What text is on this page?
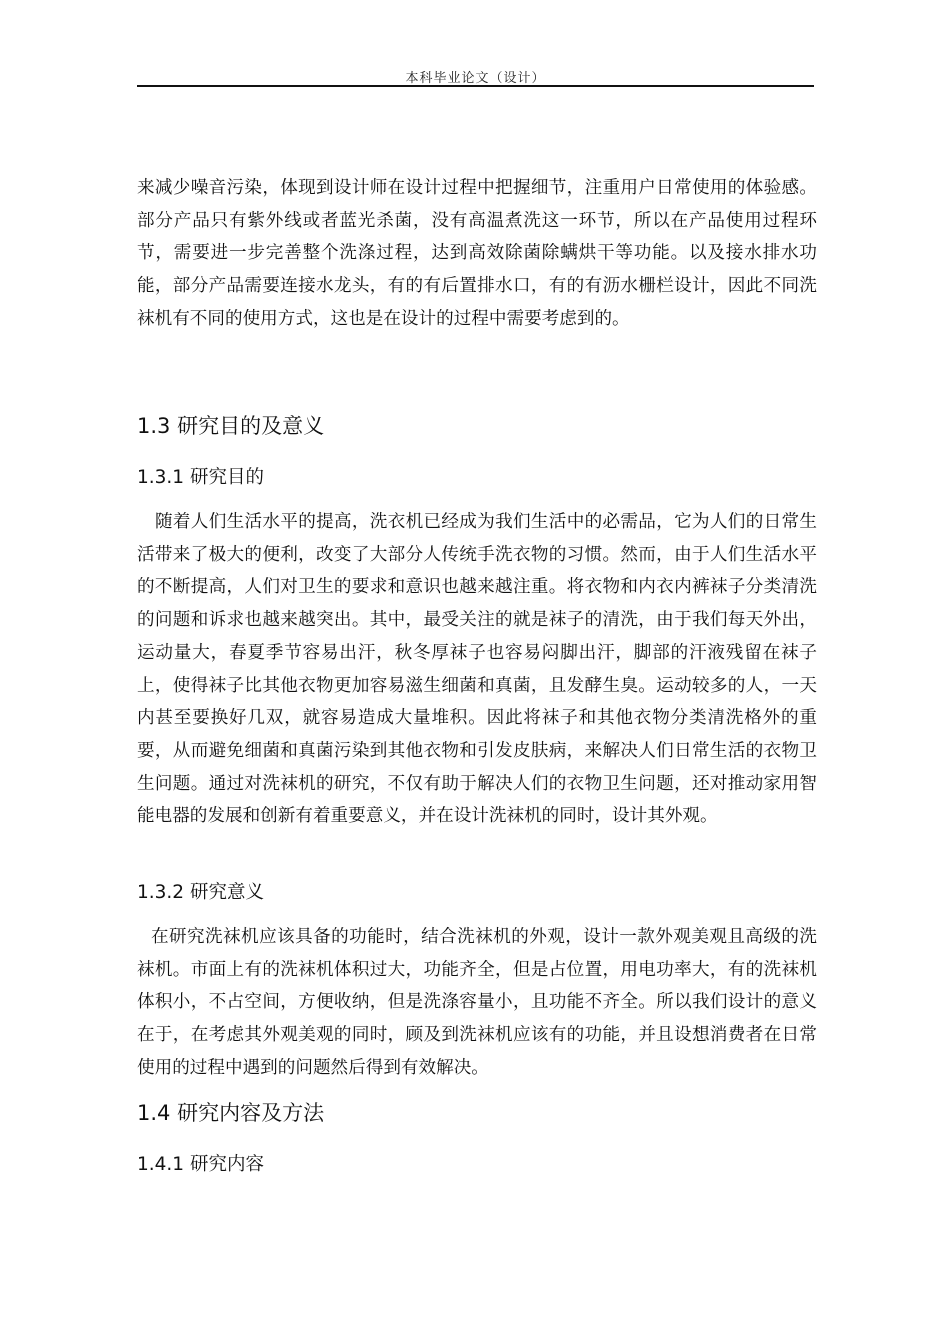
本科毕业论文（设计）

来减少噪音污染，体现到设计师在设计过程中把握细节，注重用户日常使用的体验感。部分产品只有紫外线或者蓝光杀菌，没有高温煮洗这一环节，所以在产品使用过程环节，需要进一步完善整个洗涤过程，达到高效除菌除螨烘干等功能。以及接水排水功能，部分产品需要连接水龙头，有的有后置排水口，有的有沥水栅栏设计，因此不同洗袜机有不同的使用方式，这也是在设计的过程中需要考虑到的。

1.3 研究目的及意义
1.3.1 研究目的

随着人们生活水平的提高，洗衣机已经成为我们生活中的必需品，它为人们的日常生活带来了极大的便利，改变了大部分人传统手洗衣物的习惯。然而，由于人们生活水平的不断提高，人们对卫生的要求和意识也越来越注重。将衣物和内衣内裤袜子分类清洗的问题和诉求也越来越突出。其中，最受关注的就是袜子的清洗，由于我们每天外出，运动量大，春夏季节容易出汗，秋冬厚袜子也容易闷脚出汗，脚部的汗液残留在袜子上，使得袜子比其他衣物更加容易滋生细菌和真菌，且发酵生臭。运动较多的人，一天内甚至要换好几双，就容易造成大量堆积。因此将袜子和其他衣物分类清洗格外的重要，从而避免细菌和真菌污染到其他衣物和引发皮肤病，来解决人们日常生活的衣物卫生问题。通过对洗袜机的研究，不仅有助于解决人们的衣物卫生问题，还对推动家用智能电器的发展和创新有着重要意义，并在设计洗袜机的同时，设计其外观。

1.3.2 研究意义

在研究洗袜机应该具备的功能时，结合洗袜机的外观，设计一款外观美观且高级的洗袜机。市面上有的洗袜机体积过大，功能齐全，但是占位置，用电功率大，有的洗袜机体积小，不占空间，方便收纳，但是洗涤容量小，且功能不齐全。所以我们设计的意义在于，在考虑其外观美观的同时，顾及到洗袜机应该有的功能，并且设想消费者在日常使用的过程中遇到的问题然后得到有效解决。

1.4 研究内容及方法
1.4.1 研究内容
